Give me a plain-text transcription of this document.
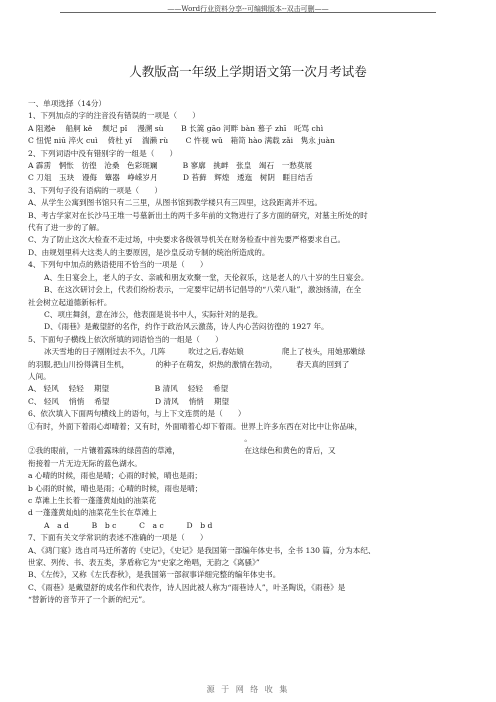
——Word行业资料分享--可编辑版本--双击可删——
人教版高一年级上学期语文第一次月考试卷
一、单项选择（14分）
1、下列加点的字的注音没有错误的一项是（　　）
A 阻遏è　 船舸 kě　 颓圮 pǐ　 漫溯 sù　　 B 长篙 gāo 河畔 bàn 慕子 zhī　吒骂 chì
C 忸怩 niū 淬火 cuì　 倚杜 yǐ　 湍濑 rù　　 C 忤视 wǔ　箱笥 hào 满载 zǎi　隽永 juàn
2、下列词语中没有错别字的一组是（　　）
A 霹雳　惘怅　彷徨　沧桑　色彩斑斓　　　 B 寥廓　挑衅　张皇　竭石　一愁莫展
C 刀俎　玉玦　谩侮　簟器　峥嵘岁月　　　 D 苔藓　辉煌　逶迤　树阴　睚目结舌
3、下列句子没有语病的一项是（　　）
A、从学生公寓到图书馆只有二三里，从图书馆到教学楼只有三四里，这段距离并不远。
B、考古学家对在长沙马王堆一号墓新出土的两千多年前的文物进行了多方面的研究，对墓主所处的时
代有了进一步的了解。
C、为了防止这次大检查不走过场，中央要求各级领导机关在财务检查中首先要严格要求自己。
D、由规划里科大这类人的主要原因，是沙皇反动专制的统治所造成的。
4、下列句中加点的熟语使用不恰当的一项是（　　）
A、生日宴会上，老人的子女、亲戚和朋友欢聚一堂，天伦叙乐，这是老人的八十岁的生日宴会。
B、在这次研讨会上，代表们纷纷表示，一定要牢记胡书记倡导的“八荣八耻”，激浊扬清，在全
社会树立起道德新标杆。
C、项庄舞剑，意在沛公，他表面是说书中人，实际针对的是我。
D、《雨巷》是戴望舒的名作，约作于政治风云激荡，诗人内心苦闷彷徨的 1927 年。
5、下面句子横线上依次所填的词语恰当的一组是（　　）
冰天雪地的日子刚刚过去不久，几阵　　　吹过之后,春姑娘　　　　　爬上了枝头，用她那嫩绿
的羽服,把山川扮得满目生机，　　　　的种子在萌发，炽热的激情在勃动，　　　春天真的回到了
人间。
A、 轻风　 轻轻　 期望　　　　　　B 清风　 轻轻　 希望
C、 轻风　 悄悄　 希望　　　　　　D 清风　 悄悄　 期望
6、依次填入下面两句横线上的语句，与上下文连贯的是（　　）
①有时，外面下着雨心却晴着；又有时，外面晴着心却下着雨。世界上许多东西在对比中让你品味，
。
②我的眼前，一片镶着露珠的绿茵茵的草滩，　　　　　　　　　在这绿色和黄色的背后，又
衔接着一片无边无际的蓝色湖水。
a 心晴的时候，雨也是晴；心雨的时候，晴也是雨；
b 心雨的时候，晴也是雨；心晴的时候，雨也是晴；
c 草滩上生长着一蓬蓬黄灿灿的油菜花
d 一蓬蓬黄灿灿的油菜花生长在草滩上
A　a d　　　B　b c　　　C　a c　　　D　b d
7、下面有关文学常识的表述不准确的一项是（　　）
A、《鸿门宴》选自司马迁所著的《史记》，《史记》是我国第一部编年体史书，全书 130 篇，分为本纪、
世家、列传、书、表五类，茅盾称它为“史家之绝唱，无韵之《离骚》”
B、《左传》，又称《左氏春秋》，是我国第一部叙事详细完整的编年体史书。
C、《雨巷》是戴望舒的成名作和代表作，诗人因此被人称为“雨巷诗人”，叶圣陶说，《雨巷》是
“替新诗的音节开了一个新的纪元”。
源 于 网 络 收 集
